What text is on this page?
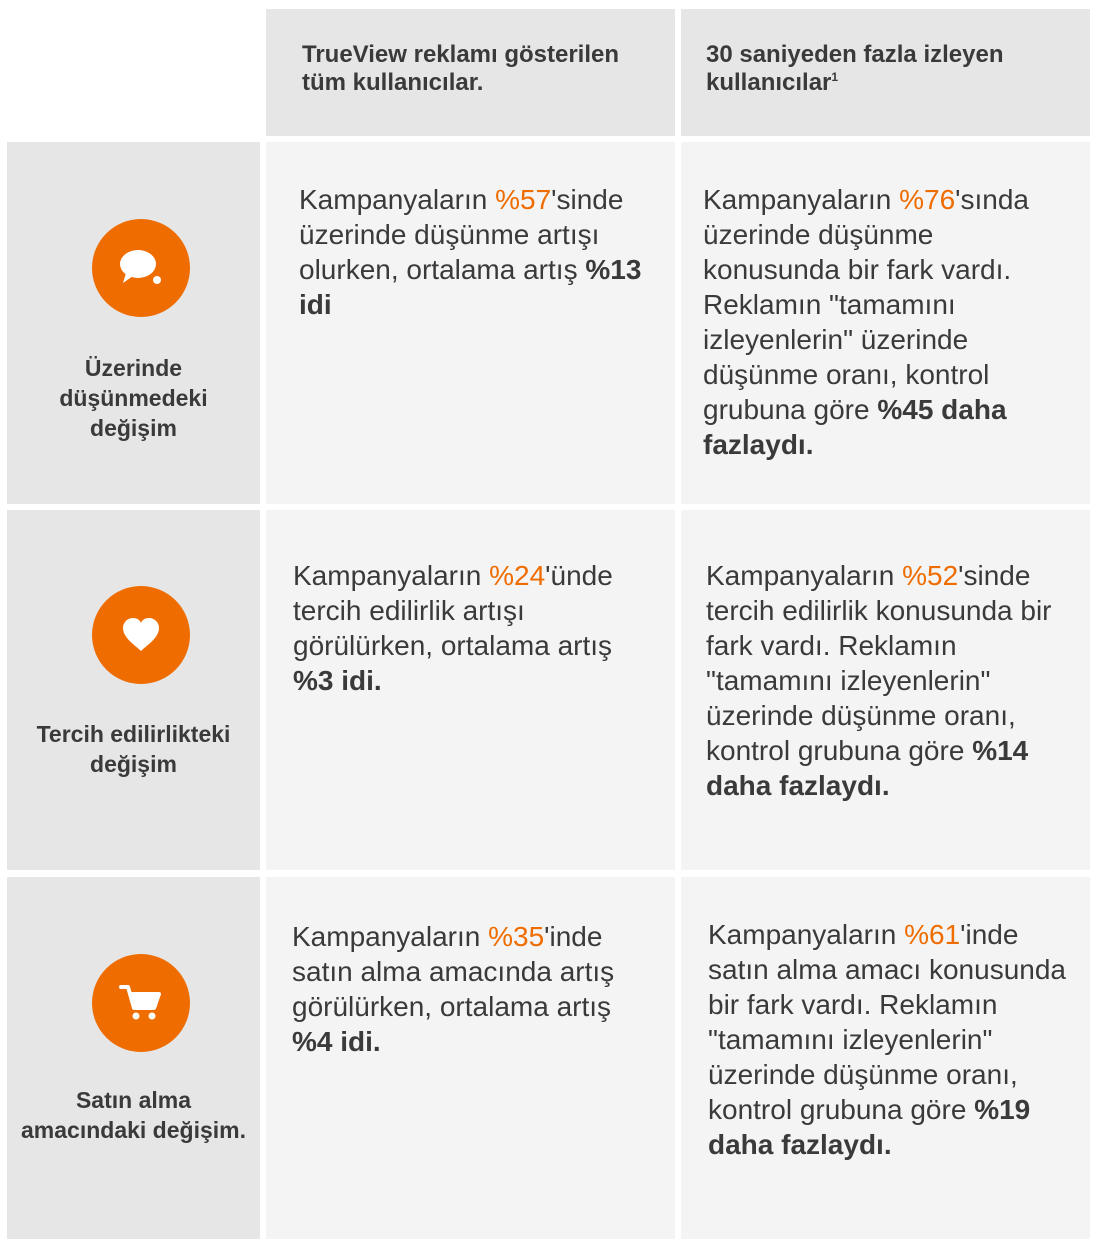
TrueView reklamı gösterilen tüm kullanıcılar.
30 saniyeden fazla izleyen kullanıcılar$^1$
Üzerinde düşünmedeki değişim
Kampanyaların %57'sinde üzerinde düşünme artışı olurken, ortalama artış %13 idi
Kampanyaların %76'sında üzerinde düşünme konusunda bir fark vardı. Reklamın "tamamını izleyenlerin" üzerinde düşünme oranı, kontrol grubuna göre %45 daha fazlaydı.
Tercih edilirlikteki değişim
Kampanyaların %24'ünde tercih edilirlik artışı görülürken, ortalama artış %3 idi.
Kampanyaların %52'sinde tercih edilirlik konusunda bir fark vardı. Reklamın "tamamını izleyenlerin" üzerinde düşünme oranı, kontrol grubuna göre %14 daha fazlaydı.
Satın alma amacındaki değişim.
Kampanyaların %35'inde satın alma amacında artış görülürken, ortalama artış %4 idi.
Kampanyaların %61'inde satın alma amacı konusunda bir fark vardı. Reklamın "tamamını izleyenlerin" üzerinde düşünme oranı, kontrol grubuna göre %19 daha fazlaydı.
